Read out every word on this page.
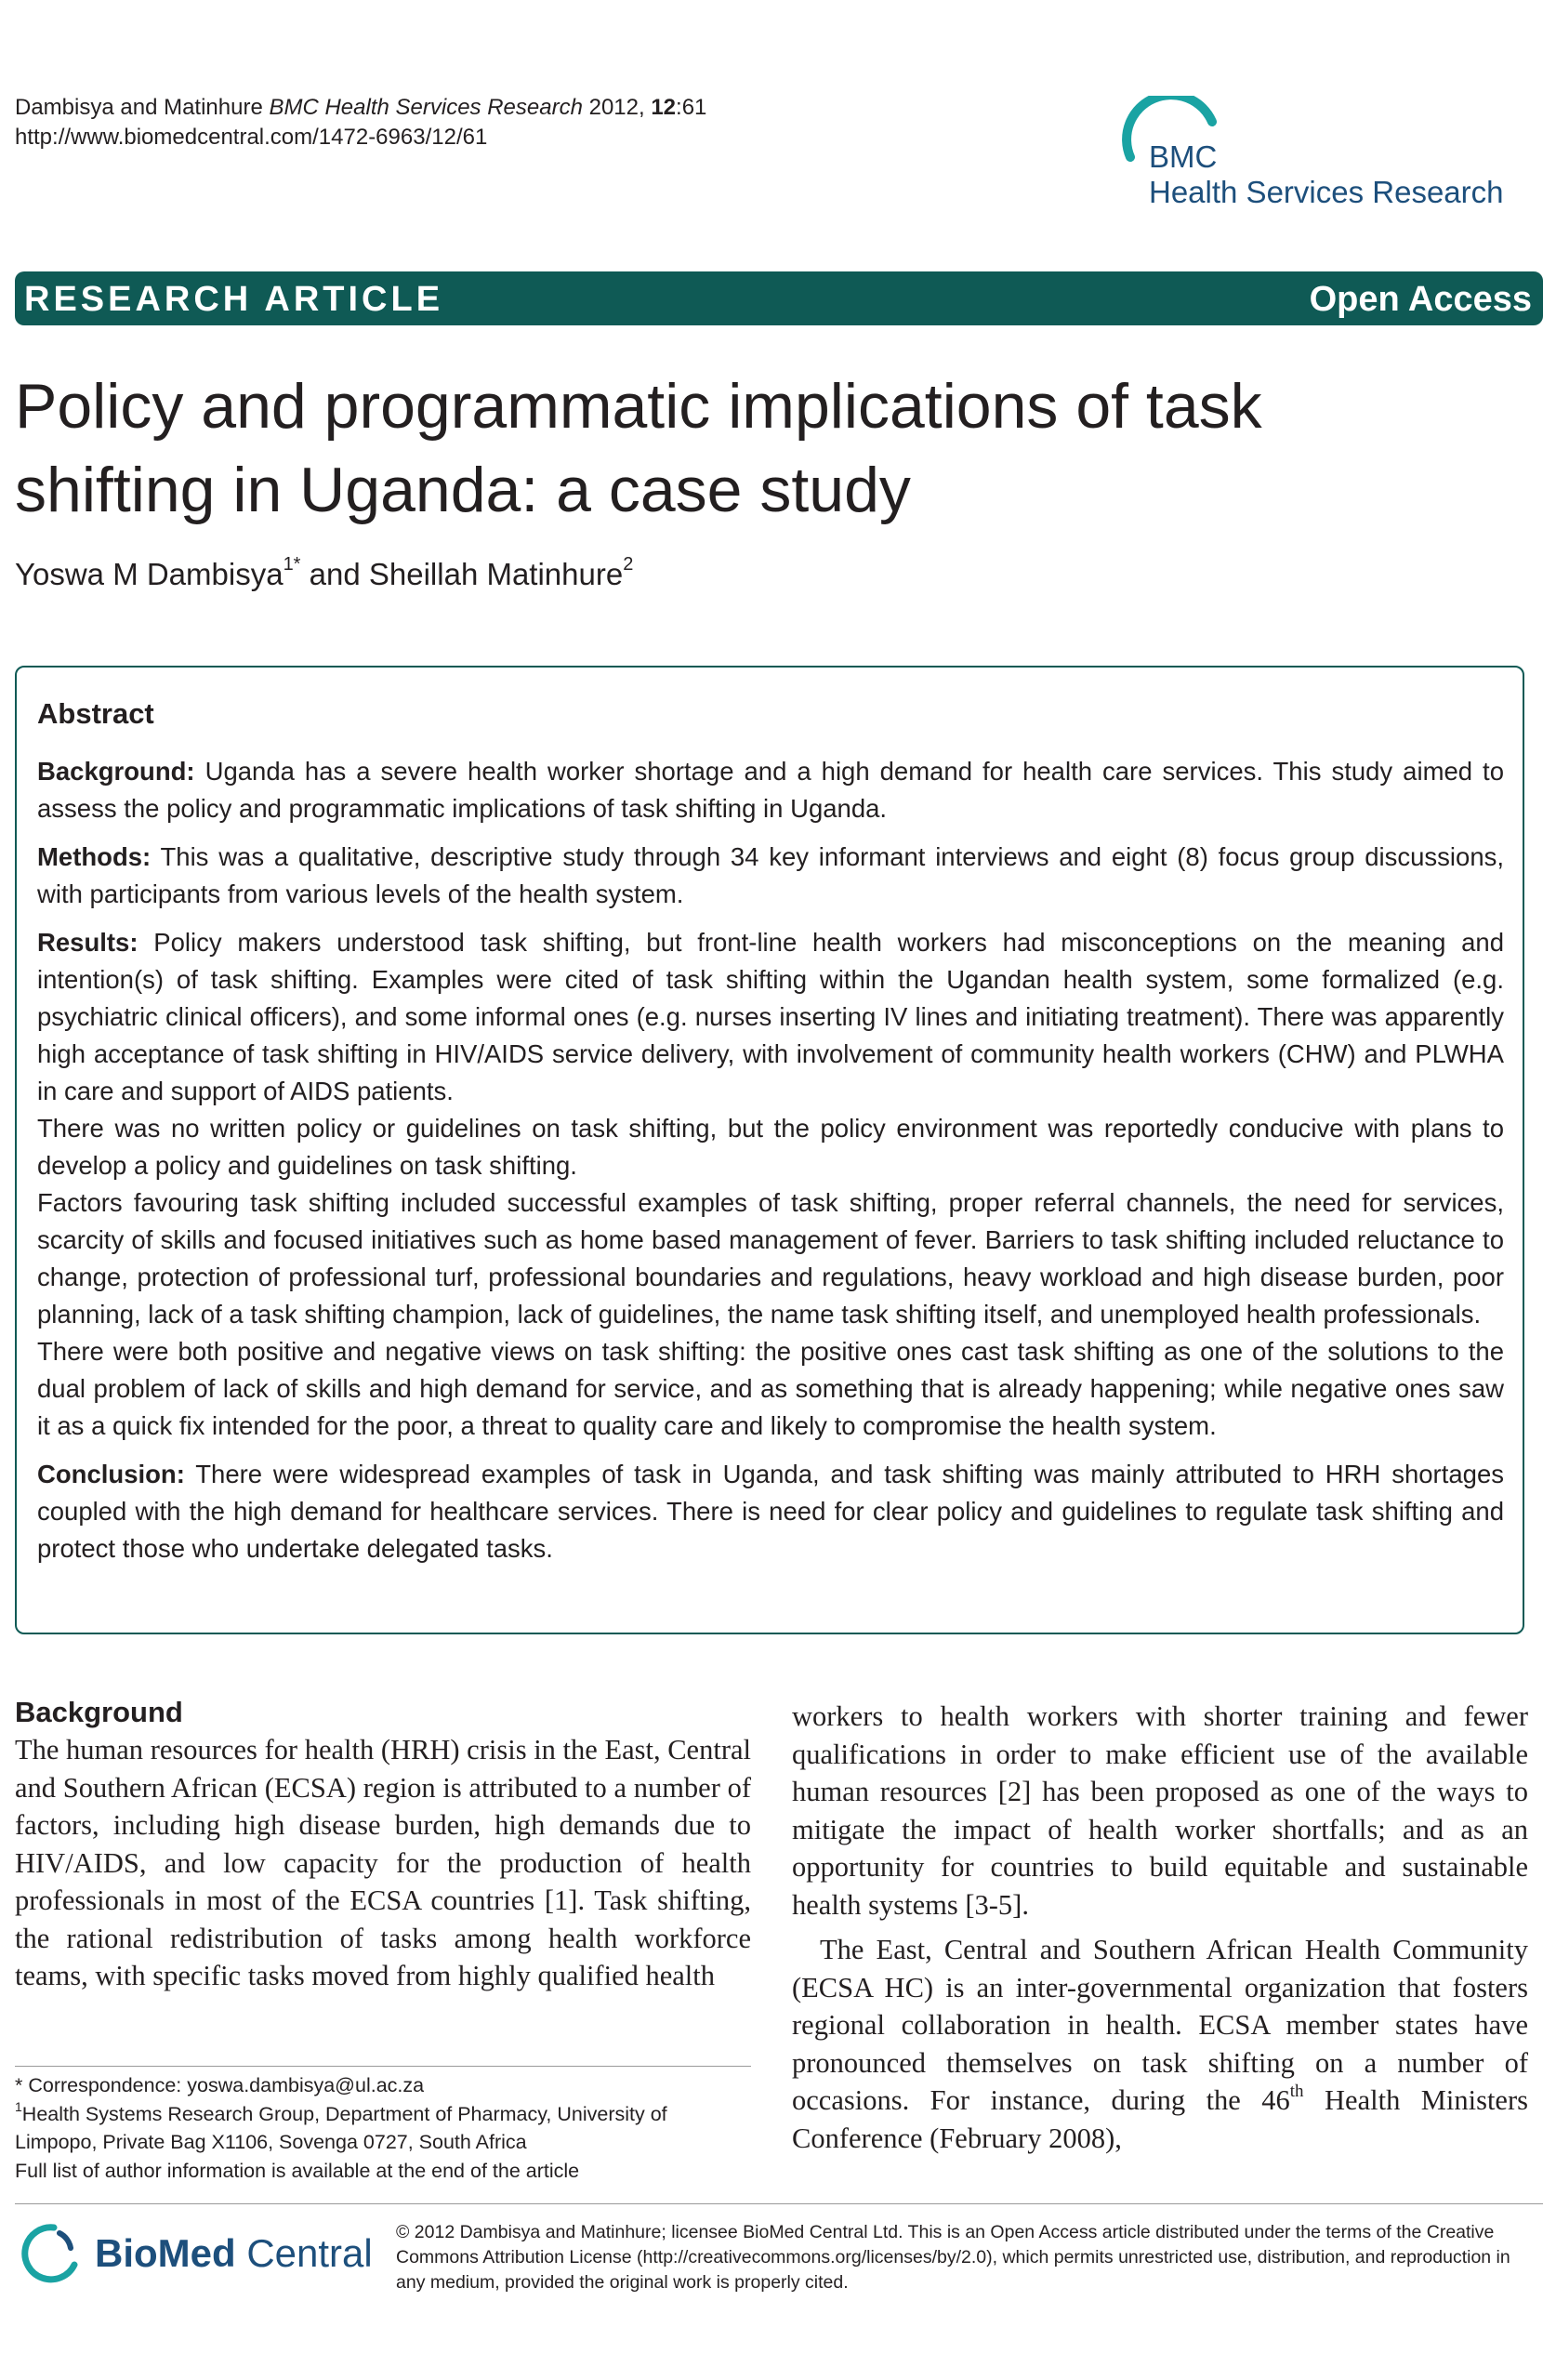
Dambisya and Matinhure BMC Health Services Research 2012, 12:61
http://www.biomedcentral.com/1472-6963/12/61
BMC
Health Services Research
RESEARCH ARTICLE	Open Access
Policy and programmatic implications of task
shifting in Uganda: a case study
Yoswa M Dambisya$^{1*}$ and Sheillah Matinhure$^2$
Abstract

Background: Uganda has a severe health worker shortage and a high demand for health care services. This study aimed to assess the policy and programmatic implications of task shifting in Uganda.

Methods: This was a qualitative, descriptive study through 34 key informant interviews and eight (8) focus group discussions, with participants from various levels of the health system.

Results: Policy makers understood task shifting, but front-line health workers had misconceptions on the meaning and intention(s) of task shifting. Examples were cited of task shifting within the Ugandan health system, some formalized (e.g. psychiatric clinical officers), and some informal ones (e.g. nurses inserting IV lines and initiating treatment). There was apparently high acceptance of task shifting in HIV/AIDS service delivery, with involvement of community health workers (CHW) and PLWHA in care and support of AIDS patients.

There was no written policy or guidelines on task shifting, but the policy environment was reportedly conducive with plans to develop a policy and guidelines on task shifting.

Factors favouring task shifting included successful examples of task shifting, proper referral channels, the need for services, scarcity of skills and focused initiatives such as home based management of fever. Barriers to task shifting included reluctance to change, protection of professional turf, professional boundaries and regulations, heavy workload and high disease burden, poor planning, lack of a task shifting champion, lack of guidelines, the name task shifting itself, and unemployed health professionals.

There were both positive and negative views on task shifting: the positive ones cast task shifting as one of the solutions to the dual problem of lack of skills and high demand for service, and as something that is already happening; while negative ones saw it as a quick fix intended for the poor, a threat to quality care and likely to compromise the health system.

Conclusion: There were widespread examples of task in Uganda, and task shifting was mainly attributed to HRH shortages coupled with the high demand for healthcare services. There is need for clear policy and guidelines to regulate task shifting and protect those who undertake delegated tasks.

Background

The human resources for health (HRH) crisis in the East, Central and Southern African (ECSA) region is attributed to a number of factors, including high disease burden, high demands due to HIV/AIDS, and low capacity for the production of health professionals in most of the ECSA countries [1]. Task shifting, the rational redistribution of tasks among health workforce teams, with specific tasks moved from highly qualified health

workers to health workers with shorter training and fewer qualifications in order to make efficient use of the available human resources [2] has been proposed as one of the ways to mitigate the impact of health worker shortfalls; and as an opportunity for countries to build equitable and sustainable health systems [3-5].

The East, Central and Southern African Health Community (ECSA HC) is an inter-governmental organization that fosters regional collaboration in health. ECSA member states have pronounced themselves on task shifting on a number of occasions. For instance, during the 46th Health Ministers Conference (February 2008),

* Correspondence: yoswa.dambisya@ul.ac.za
$^1$Health Systems Research Group, Department of Pharmacy, University of Limpopo, Private Bag X1106, Sovenga 0727, South Africa
Full list of author information is available at the end of the article
BioMed Central © 2012 Dambisya and Matinhure; licensee BioMed Central Ltd. This is an Open Access article distributed under the terms of the Creative Commons Attribution License (http://creativecommons.org/licenses/by/2.0), which permits unrestricted use, distribution, and reproduction in any medium, provided the original work is properly cited.
